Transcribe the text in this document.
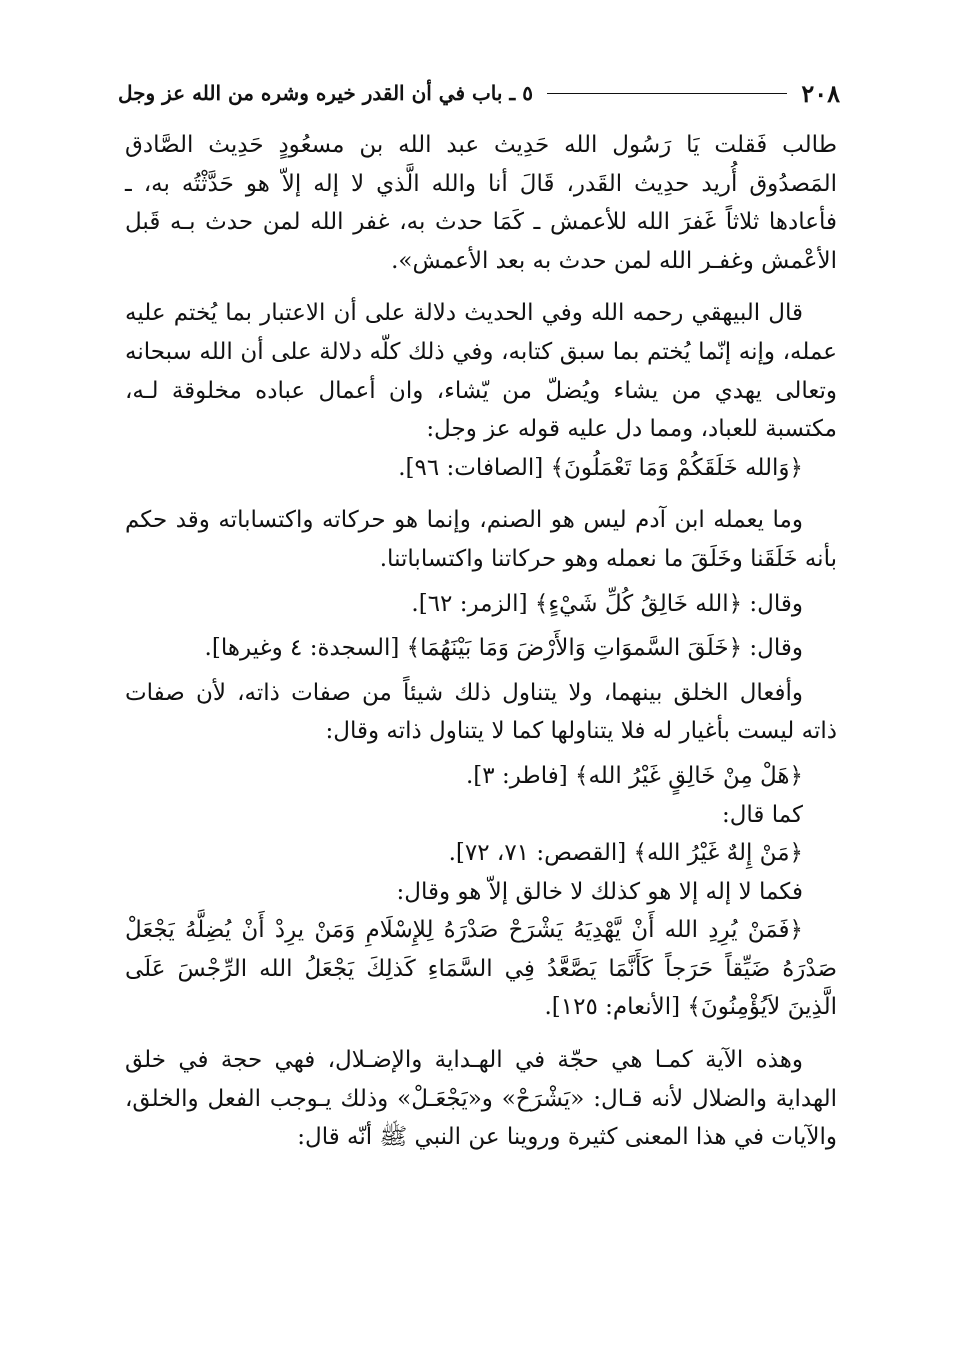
٢٠٨
٥ ـ باب في أن القدر خيره وشره من الله عز وجل

طالب فَقلت يَا رَسُول الله حَدِيث عبد الله بن مسعُودٍ حَدِيث الصَّادق المَصدُوق أُريد حدِيث القَدر، قَالَ أنا والله الَّذي لا إله إلاّ هو حَدَّثْتُه به، ـ فأعادها ثلاثاً غَفرَ الله للأعمش ـ كَمَا حدث به، غفر الله لمن حدث بـه قَبل الأعْمش وغفـر الله لمن حدث به بعد الأعمش».

قال البيهقي رحمه الله وفي الحديث دلالة على أن الاعتبار بما يُختم عليه عمله، وإنه إنّما يُختم بما سبق كتابه، وفي ذلك كلّه دلالة على أن الله سبحانه وتعالى يهدي من يشاء ويُضلّ من يّشاء، وان أعمال عباده مخلوقة لـه، مكتسبة للعباد، ومما دل عليه قوله عز وجل:

﴿وَالله خَلَقَكُمْ وَمَا تَعْمَلُونَ﴾ [الصافات: ٩٦].

وما يعمله ابن آدم ليس هو الصنم، وإنما هو حركاته واكتساباته وقد حكم بأنه خَلَقَنا وخَلَقَ ما نعمله وهو حركاتنا واكتساباتنا.

وقال: ﴿الله خَالِقُ كُلِّ شَيْءٍ﴾ [الزمر: ٦٢].

وقال: ﴿خَلَقَ السَّموَاتِ وَالأَرْضَ وَمَا بَيْنَهُمَا﴾ [السجدة: ٤ وغيرها].

وأفعال الخلق بينهما، ولا يتناول ذلك شيئاً من صفات ذاته، لأن صفات ذاته ليست بأغيار له فلا يتناولها كما لا يتناول ذاته وقال:

﴿هَلْ مِنْ خَالِقٍ غَيْرُ الله﴾ [فاطر: ٣].

كما قال:

﴿مَنْ إِلهٌ غَيْرُ الله﴾ [القصص: ٧١، ٧٢].

فكما لا إله إلا هو كذلك لا خالق إلاّ هو وقال:

﴿فَمَنْ يُرِدِ الله أَنْ يَّهْدِيَهُ يَشْرَحْ صَدْرَهُ لِلإِسْلَامِ وَمَنْ يرِدْ أَنْ يُضِلَّهُ يَجْعَلْ صَدْرَهُ ضَيِّقاً حَرَجاً كَأَنَّمَا يَصَّعَّدُ فِي السَّمَاءِ كَذلِكَ يَجْعَلُ الله الرِّجْسَ عَلَى الَّذِينَ لاَيُؤْمِنُونَ﴾ [الأنعام: ١٢٥].

وهذه الآية كمـا هي حجّة في الهـداية والإضـلال، فهي حجة في خلق الهداية والضلال لأنه قـال: «يَشْرَحْ» و«يَجْعَـلْ» وذلك يـوجب الفعل والخلق، والآيات في هذا المعنى كثيرة وروينا عن النبي ﷺ أنّه قال:
